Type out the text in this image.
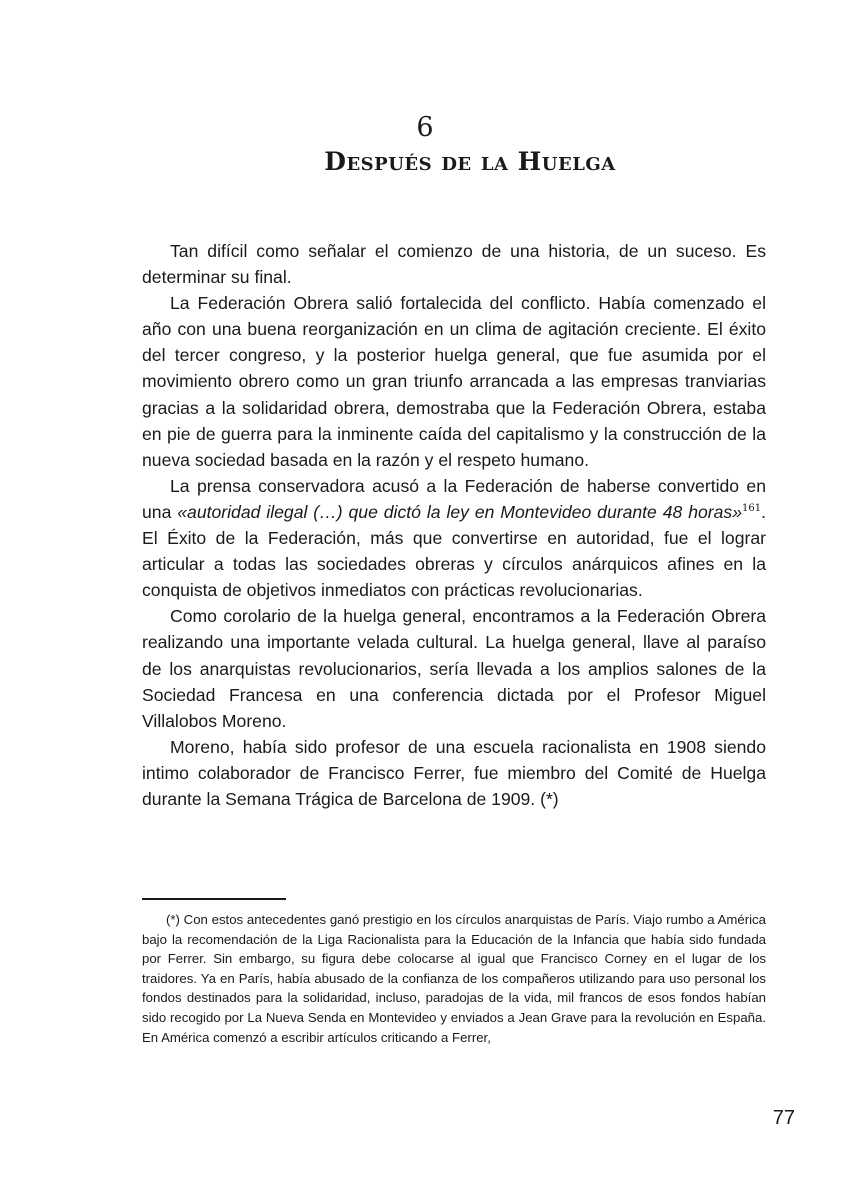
6
Después de la Huelga

Tan difícil como señalar el comienzo de una historia, de un suceso. Es determinar su final.

La Federación Obrera salió fortalecida del conflicto. Había comenzado el año con una buena reorganización en un clima de agitación creciente. El éxito del tercer congreso, y la posterior huelga general, que fue asumida por el movimiento obrero como un gran triunfo arrancada a las empresas tranviarias gracias a la solidaridad obrera, demostraba que la Federación Obrera, estaba en pie de guerra para la inminente caída del capitalismo y la construcción de la nueva sociedad basada en la razón y el respeto humano.

La prensa conservadora acusó a la Federación de haberse convertido en una «autoridad ilegal (…) que dictó la ley en Montevideo durante 48 horas»$^{161}$. El Éxito de la Federación, más que convertirse en autoridad, fue el lograr articular a todas las sociedades obreras y círculos anárquicos afines en la conquista de objetivos inmediatos con prácticas revolucionarias.

Como corolario de la huelga general, encontramos a la Federación Obrera realizando una importante velada cultural. La huelga general, llave al paraíso de los anarquistas revolucionarios, sería llevada a los amplios salones de la Sociedad Francesa en una conferencia dictada por el Profesor Miguel Villalobos Moreno.

Moreno, había sido profesor de una escuela racionalista en 1908 siendo intimo colaborador de Francisco Ferrer, fue miembro del Comité de Huelga durante la Semana Trágica de Barcelona de 1909. (*)

(*) Con estos antecedentes ganó prestigio en los círculos anarquistas de París. Viajo rumbo a América bajo la recomendación de la Liga Racionalista para la Educación de la Infancia que había sido fundada por Ferrer. Sin embargo, su figura debe colocarse al igual que Francisco Corney en el lugar de los traidores. Ya en París, había abusado de la confianza de los compañeros utilizando para uso personal los fondos destinados para la solidaridad, incluso, paradojas de la vida, mil francos de esos fondos habían sido recogido por La Nueva Senda en Montevideo y enviados a Jean Grave para la revolución en España. En América comenzó a escribir artículos criticando a Ferrer,

77
